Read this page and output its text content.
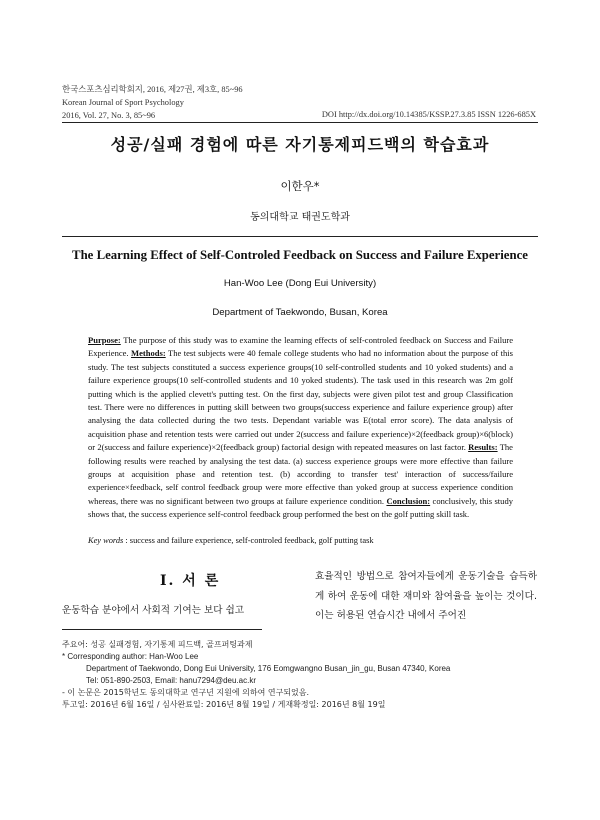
한국스포츠심리학회지, 2016, 제27권, 제3호, 85~96
Korean Journal of Sport Psychology
2016, Vol. 27, No. 3, 85~96	DOI http://dx.doi.org/10.14385/KSSP.27.3.85 ISSN 1226-685X
성공/실패 경험에 따른 자기통제피드백의 학습효과
이한우*
동의대학교 태권도학과
The Learning Effect of Self-Controled Feedback on Success and Failure Experience
Han-Woo Lee (Dong Eui University)
Department of Taekwondo, Busan, Korea
Purpose: The purpose of this study was to examine the learning effects of self-controled feedback on Success and Failure Experience. Methods: The test subjects were 40 female college students who had no information about the purpose of this study. The test subjects constituted a success experience groups(10 self-controlled students and 10 yoked students) and a failure experience groups(10 self-controlled students and 10 yoked students). The task used in this research was 2m golf putting which is the applied clevett's putting test. On the first day, subjects were given pilot test and group Classification test. There were no differences in putting skill between two groups(success experience and failure experience group) after analysing the data collected during the two tests. Dependant variable was E(total error score). The data analysis of acquisition phase and retention tests were carried out under 2(success and failure experience)×2(feedback group)×6(block) or 2(success and failure experience)×2(feedback group) factorial design with repeated measures on last factor. Results: The following results were reached by analysing the test data. (a) success experience groups were more effective than failure groups at acquisition phase and retention test. (b) according to transfer test' interaction of success/failure experience×feedback, self control feedback group were more effective than yoked group at success experience condition whereas, there was no significant between two groups at failure experience condition. Conclusion: conclusively, this study shows that, the success experience self-control feedback group performed the best on the golf putting skill task.
Key words : success and failure experience, self-controled feedback, golf putting task
I. 서 론
운동학습 분야에서 사회적 기여는 보다 쉽고
효율적인 방법으로 참여자들에게 운동기술을 습득하게 하여 운동에 대한 재미와 참여율을 높이는 것이다. 이는 허용된 연습시간 내에서 주어진
주요어: 성공 실패경험, 자기통제 피드백, 골프퍼팅과제
* Corresponding author: Han-Woo Lee
Department of Taekwondo, Dong Eui University, 176 Eomgwangno Busan_jin_gu, Busan 47340, Korea
Tel: 051-890-2503, Email: hanu7294@deu.ac.kr
- 이 논문은 2015학년도 동의대학교 연구년 지원에 의하여 연구되었음.
투고일: 2016년 6월 16일 / 심사완료일: 2016년 8월 19일 / 게재확정일: 2016년 8월 19일
